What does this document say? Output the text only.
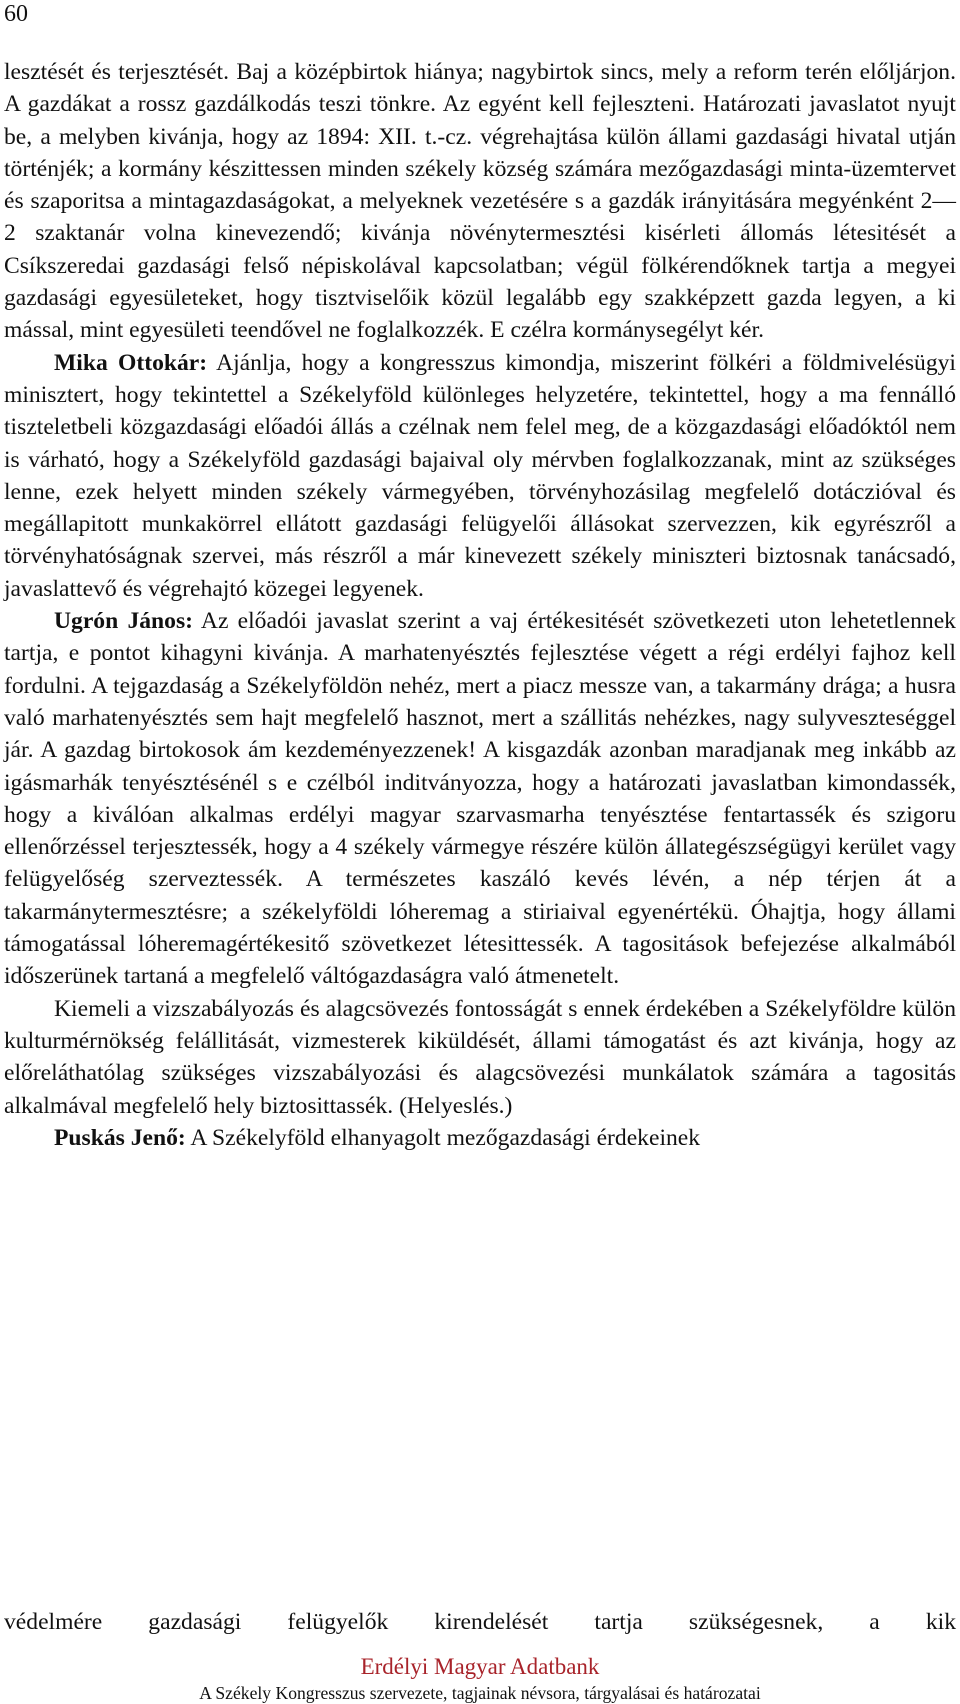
60

lesztését és terjesztését. Baj a középbirtok hiánya; nagybirtok sincs, mely a reform terén előljárjon. A gazdákat a rossz gazdálkodás teszi tönkre. Az egyént kell fejleszteni. Határozati javaslatot nyujt be, a melyben kivánja, hogy az 1894: XII. t.-cz. végrehajtása külön állami gazdasági hivatal utján történjék; a kormány készittessen minden székely község számára mezőgazdasági minta-üzemtervet és szaporitsa a mintagazdaságokat, a melyeknek vezetésére s a gazdák irányitására megyénként 2—2 szaktanár volna kinevezendő; kivánja növénytermesztési kisérleti állomás létesitését a Csíkszeredai gazdasági felső népiskolával kapcsolatban; végül fölkérendőknek tartja a megyei gazdasági egyesületeket, hogy tisztviselőik közül legalább egy szakképzett gazda legyen, a ki mással, mint egyesületi teendővel ne foglalkozzék. E czélra kormánysegélyt kér.

Mika Ottokár: Ajánlja, hogy a kongresszus kimondja, miszerint fölkéri a földmivelésügyi minisztert, hogy tekintettel a Székelyföld különleges helyzetére, tekintettel, hogy a ma fennálló tiszteletbeli közgazdasági előadói állás a czélnak nem felel meg, de a közgazdasági előadóktól nem is várható, hogy a Székelyföld gazdasági bajaival oly mérvben foglalkozzanak, mint az szükséges lenne, ezek helyett minden székely vármegyében, törvényhozásilag megfelelő dotáczióval és megállapitott munkakörrel ellátott gazdasági felügyelői állásokat szervezzen, kik egyrészről a törvényhatóságnak szervei, más részről a már kinevezett székely miniszteri biztosnak tanácsadó, javaslattevő és végrehajtó közegei legyenek.

Ugrón János: Az előadói javaslat szerint a vaj értékesitését szövetkezeti uton lehetetlennek tartja, e pontot kihagyni kivánja. A marhatenyésztés fejlesztése végett a régi erdélyi fajhoz kell fordulni. A tejgazdaság a Székelyföldön nehéz, mert a piacz messze van, a takarmány drága; a husra való marhatenyésztés sem hajt megfelelő hasznot, mert a szállitás nehézkes, nagy sulyveszteséggel jár. A gazdag birtokosok ám kezdeményezzenek! A kisgazdák azonban maradjanak meg inkább az igásmarhák tenyésztésénél s e czélból inditványozza, hogy a határozati javaslatban kimondassék, hogy a kiválóan alkalmas erdélyi magyar szarvasmarha tenyésztése fentartassék és szigoru ellenőrzéssel terjesztessék, hogy a 4 székely vármegye részére külön állategészségügyi kerület vagy felügyelőség szerveztessék. A természetes kaszáló kevés lévén, a nép térjen át a takarmánytermesztésre; a székelyföldi lóheremag a stiriaival egyenértékü. Óhajtja, hogy állami támogatással lóheremagértékesitő szövetkezet létesittessék. A tagositások befejezése alkalmából időszerünek tartaná a megfelelő váltógazdaságra való átmenetelt.

Kiemeli a vizszabályozás és alagcsövezés fontosságát s ennek érdekében a Székelyföldre külön kulturmérnökség felállitását, vizmesterek kiküldését, állami támogatást és azt kivánja, hogy az előreláthatólag szükséges vizszabályozási és alagcsövezési munkálatok számára a tagositás alkalmával megfelelő hely biztosittassék. (Helyeslés.)

Puskás Jenő: A Székelyföld elhanyagolt mezőgazdasági érdekeinek

védelmére gazdasági felügyelők kirendelését tartja szükségesnek, a kik
Erdélyi Magyar Adatbank
A Székely Kongresszus szervezete, tagjainak névsora, tárgyalásai és határozatai
